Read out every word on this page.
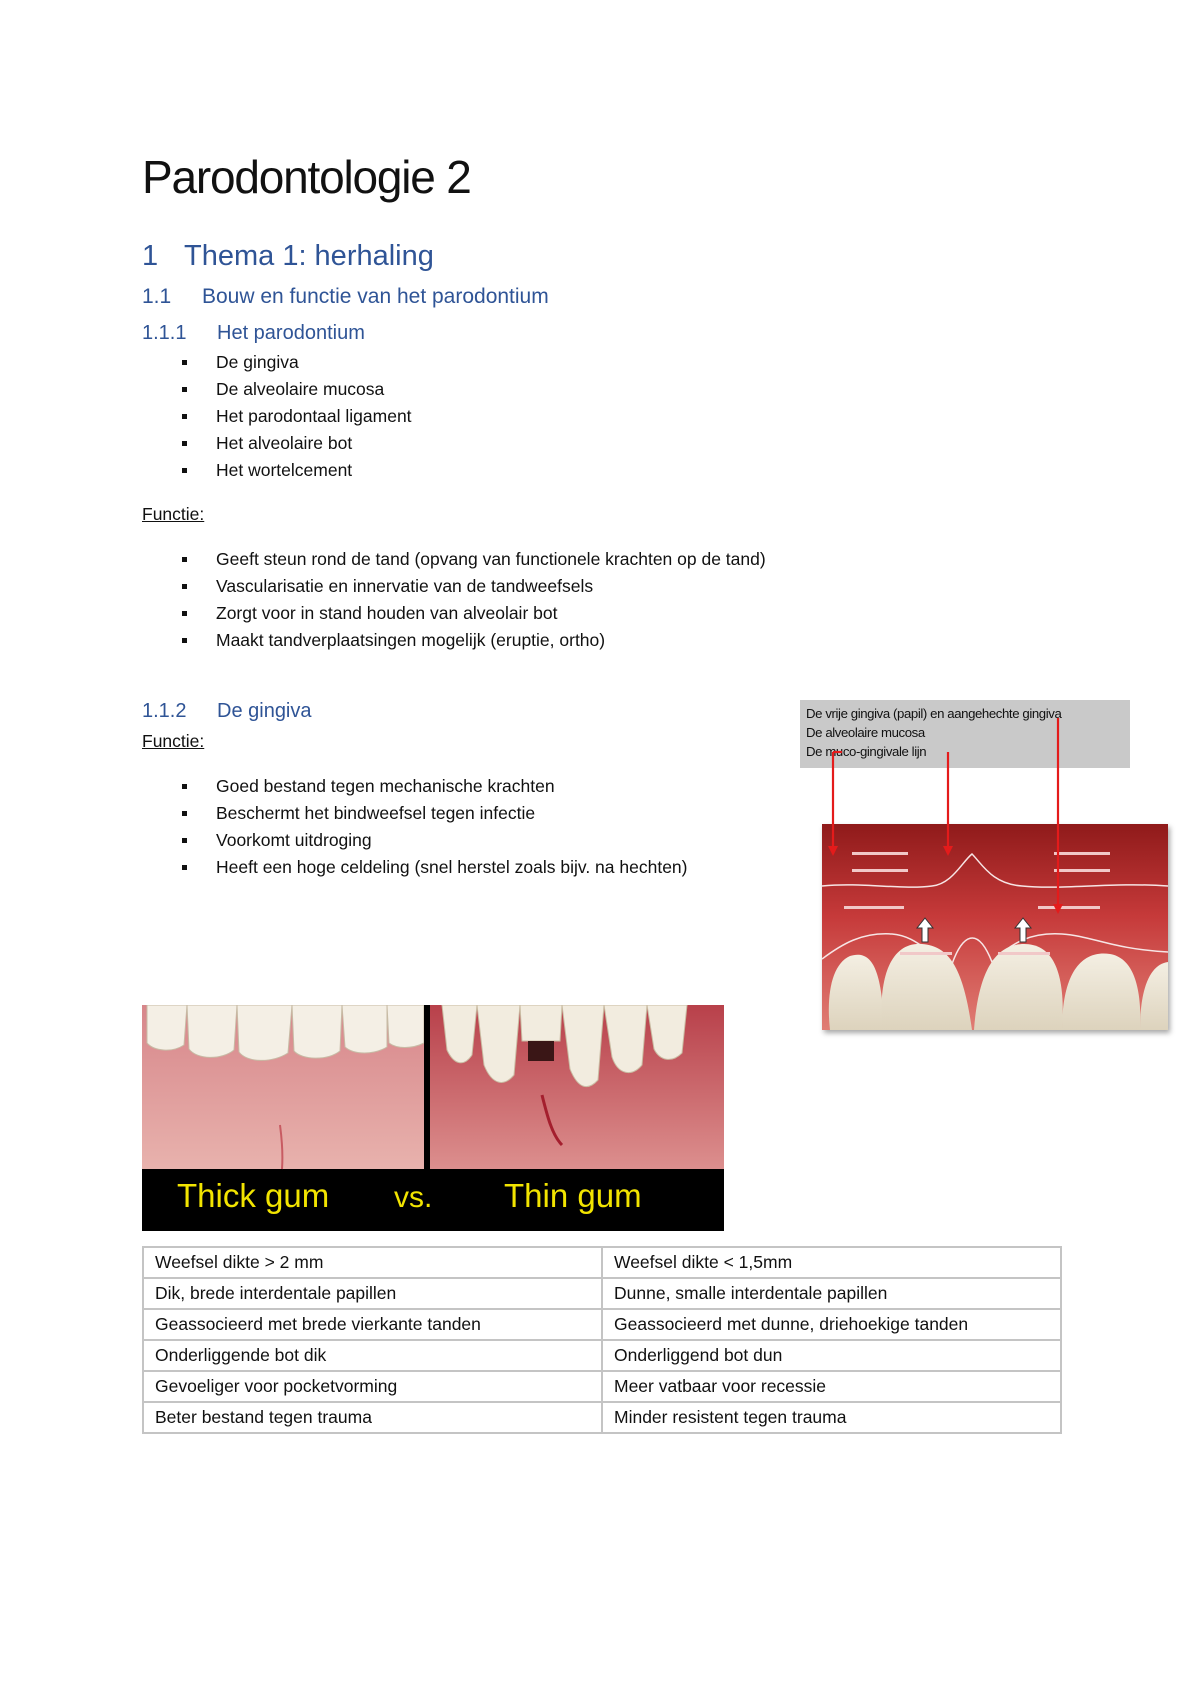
Parodontologie 2
1 Thema 1: herhaling
1.1 Bouw en functie van het parodontium
1.1.1 Het parodontium
De gingiva
De alveolaire mucosa
Het parodontaal ligament
Het alveolaire bot
Het wortelcement
Functie:
Geeft steun rond de tand (opvang van functionele krachten op de tand)
Vascularisatie en innervatie van de tandweefsels
Zorgt voor in stand houden van alveolair bot
Maakt tandverplaatsingen mogelijk (eruptie, ortho)
1.1.2 De gingiva
Functie:
Goed bestand tegen mechanische krachten
Beschermt het bindweefsel tegen infectie
Voorkomt uitdroging
Heeft een hoge celdeling (snel herstel zoals bijv. na hechten)
De vrije gingiva (papil) en aangehechte gingiva
De alveolaire mucosa
De muco-gingivale lijn
Thick gum vs. Thin gum
Weefsel dikte > 2 mm	Weefsel dikte < 1,5mm
Dik, brede interdentale papillen	Dunne, smalle interdentale papillen
Geassocieerd met brede vierkante tanden	Geassocieerd met dunne, driehoekige tanden
Onderliggende bot dik	Onderliggend bot dun
Gevoeliger voor pocketvorming	Meer vatbaar voor recessie
Beter bestand tegen trauma	Minder resistent tegen trauma
